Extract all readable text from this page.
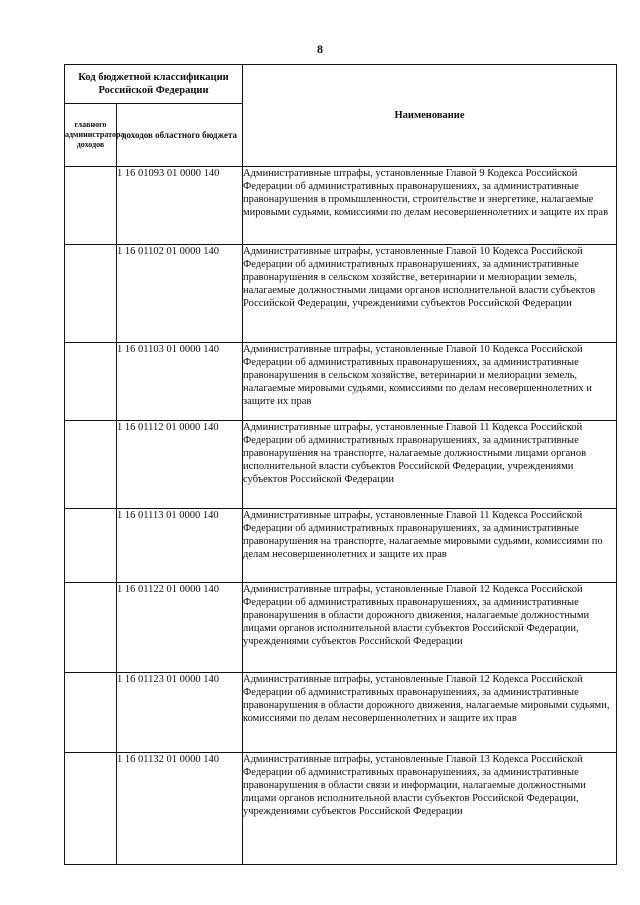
8
Код бюджетной классификации Российской Федерации		Наименование
главного администратора доходов	доходов областного бюджета	
	1 16 01093 01 0000 140	Административные штрафы, установленные Главой 9 Кодекса Российской Федерации об административных правонарушениях, за административные правонарушения в промышленности, строительстве и энергетике, налагаемые мировыми судьями, комиссиями по делам несовершеннолетних и защите их прав
	1 16 01102 01 0000 140	Административные штрафы, установленные Главой 10 Кодекса Российской Федерации об административных правонарушениях, за административные правонарушения в сельском хозяйстве, ветеринарии и мелиорации земель, налагаемые должностными лицами органов исполнительной власти субъектов Российской Федерации, учреждениями субъектов Российской Федерации
	1 16 01103 01 0000 140	Административные штрафы, установленные Главой 10 Кодекса Российской Федерации об административных правонарушениях, за административные правонарушения в сельском хозяйстве, ветеринарии и мелиорации земель, налагаемые мировыми судьями, комиссиями по делам несовершеннолетних и защите их прав
	1 16 01112 01 0000 140	Административные штрафы, установленные Главой 11 Кодекса Российской Федерации об административных правонарушениях, за административные правонарушения на транспорте, налагаемые должностными лицами органов исполнительной власти субъектов Российской Федерации, учреждениями субъектов Российской Федерации
	1 16 01113 01 0000 140	Административные штрафы, установленные Главой 11 Кодекса Российской Федерации об административных правонарушениях, за административные правонарушения на транспорте, налагаемые мировыми судьями, комиссиями по делам несовершеннолетних и защите их прав
	1 16 01122 01 0000 140	Административные штрафы, установленные Главой 12 Кодекса Российской Федерации об административных правонарушениях, за административные правонарушения в области дорожного движения, налагаемые должностными лицами органов исполнительной власти субъектов Российской Федерации, учреждениями субъектов Российской Федерации
	1 16 01123 01 0000 140	Административные штрафы, установленные Главой 12 Кодекса Российской Федерации об административных правонарушениях, за административные правонарушения в области дорожного движения, налагаемые мировыми судьями, комиссиями по делам несовершеннолетних и защите их прав
	1 16 01132 01 0000 140	Административные штрафы, установленные Главой 13 Кодекса Российской Федерации об административных правонарушениях, за административные правонарушения в области связи и информации, налагаемые должностными лицами органов исполнительной власти субъектов Российской Федерации, учреждениями субъектов Российской Федерации
